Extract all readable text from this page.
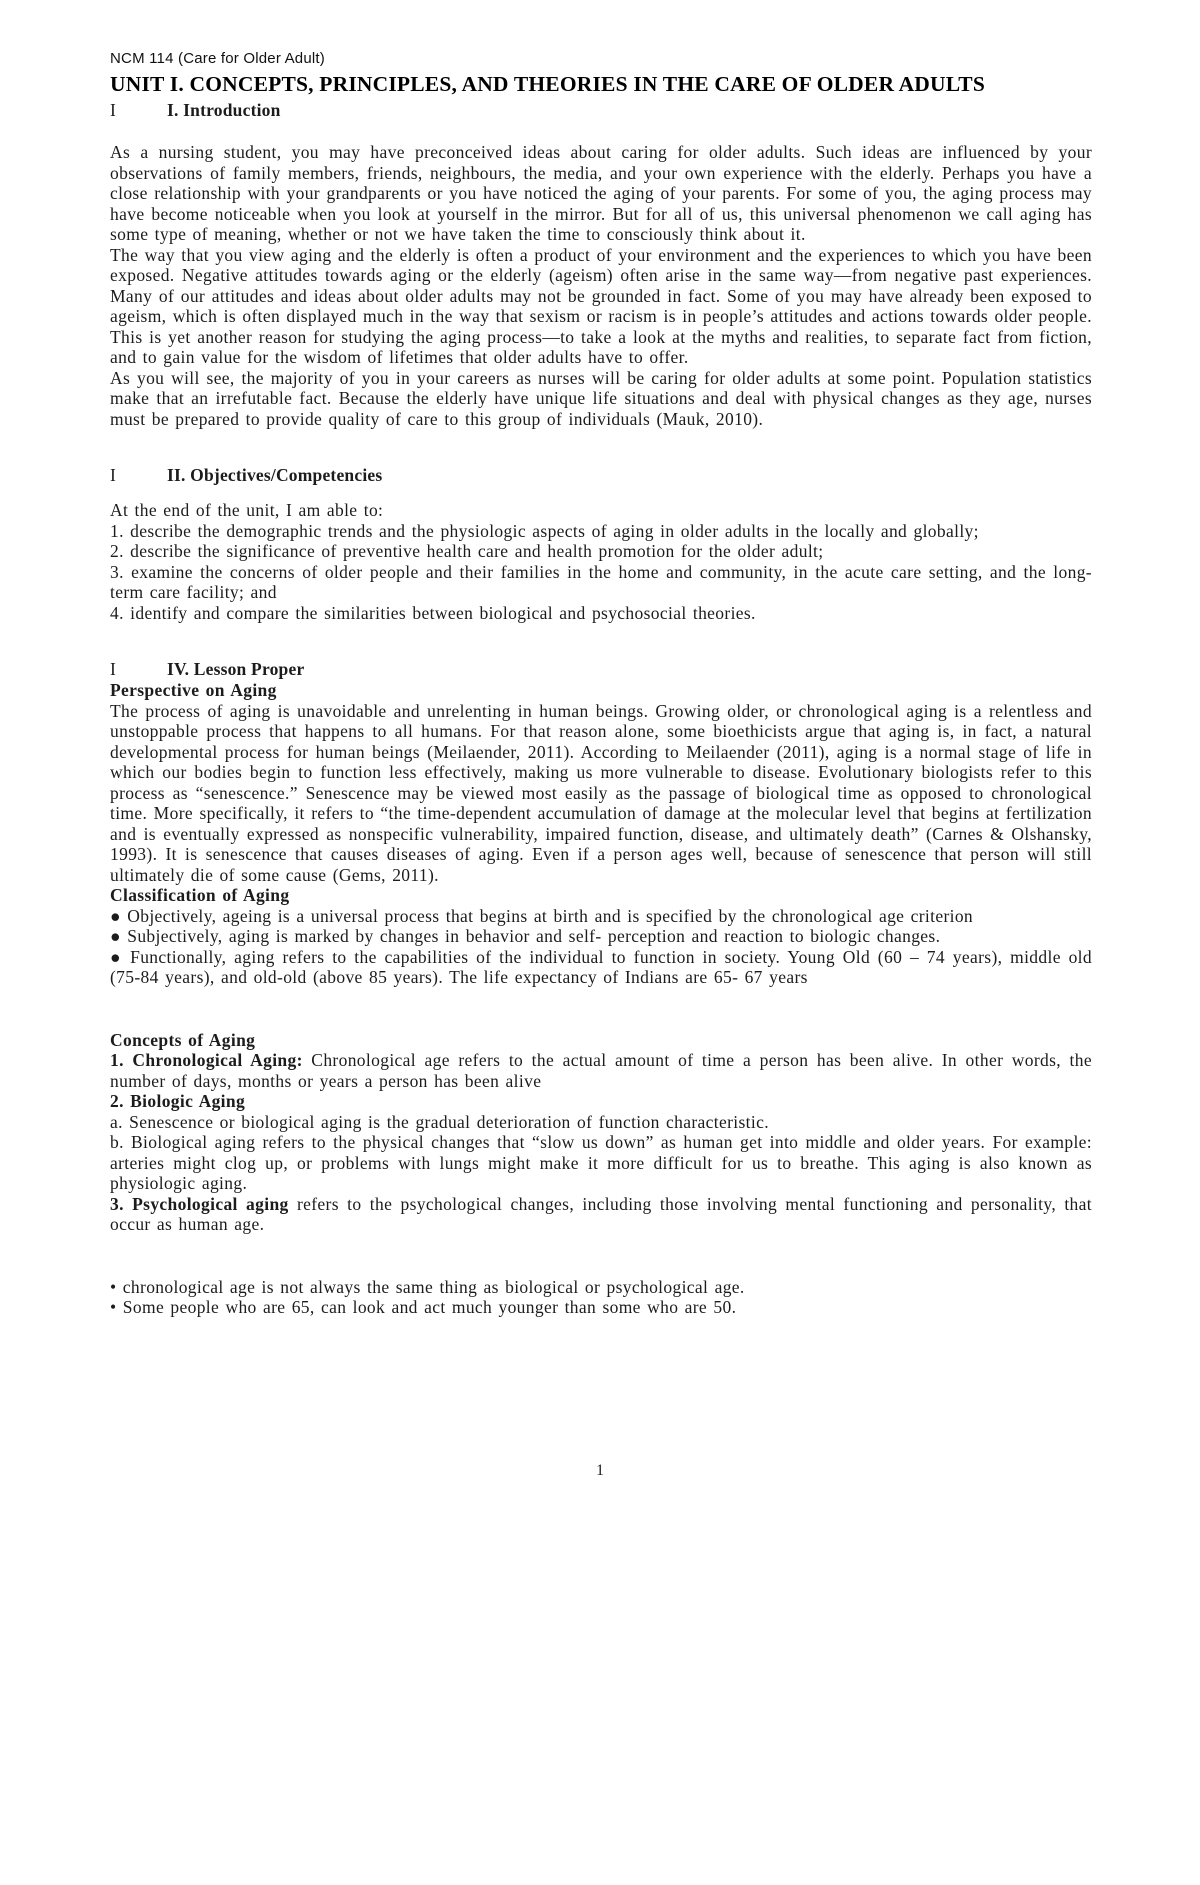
NCM 114 (Care for Older Adult)
UNIT I. CONCEPTS, PRINCIPLES, AND THEORIES IN THE CARE OF OLDER ADULTS
I	I. Introduction

As a nursing student, you may have preconceived ideas about caring for older adults. Such ideas are influenced by your observations of family members, friends, neighbours, the media, and your own experience with the elderly. Perhaps you have a close relationship with your grandparents or you have noticed the aging of your parents. For some of you, the aging process may have become noticeable when you look at yourself in the mirror. But for all of us, this universal phenomenon we call aging has some type of meaning, whether or not we have taken the time to consciously think about it.

The way that you view aging and the elderly is often a product of your environment and the experiences to which you have been exposed. Negative attitudes towards aging or the elderly (ageism) often arise in the same way—from negative past experiences. Many of our attitudes and ideas about older adults may not be grounded in fact. Some of you may have already been exposed to ageism, which is often displayed much in the way that sexism or racism is in people’s attitudes and actions towards older people. This is yet another reason for studying the aging process—to take a look at the myths and realities, to separate fact from fiction, and to gain value for the wisdom of lifetimes that older adults have to offer.

As you will see, the majority of you in your careers as nurses will be caring for older adults at some point. Population statistics make that an irrefutable fact. Because the elderly have unique life situations and deal with physical changes as they age, nurses must be prepared to provide quality of care to this group of individuals (Mauk, 2010).

I	II. Objectives/Competencies

At the end of the unit, I am able to:

1. describe the demographic trends and the physiologic aspects of aging in older adults in the locally and globally;

2. describe the significance of preventive health care and health promotion for the older adult;

3. examine the concerns of older people and their families in the home and community, in the acute care setting, and the long-term care facility; and

4. identify and compare the similarities between biological and psychosocial theories.

I	IV. Lesson Proper

Perspective on Aging

The process of aging is unavoidable and unrelenting in human beings. Growing older, or chronological aging is a relentless and unstoppable process that happens to all humans. For that reason alone, some bioethicists argue that aging is, in fact, a natural developmental process for human beings (Meilaender, 2011). According to Meilaender (2011), aging is a normal stage of life in which our bodies begin to function less effectively, making us more vulnerable to disease. Evolutionary biologists refer to this process as “senescence.” Senescence may be viewed most easily as the passage of biological time as opposed to chronological time. More specifically, it refers to “the time-dependent accumulation of damage at the molecular level that begins at fertilization and is eventually expressed as nonspecific vulnerability, impaired function, disease, and ultimately death” (Carnes & Olshansky, 1993). It is senescence that causes diseases of aging. Even if a person ages well, because of senescence that person will still ultimately die of some cause (Gems, 2011).

Classification of Aging

● Objectively, ageing is a universal process that begins at birth and is specified by the chronological age criterion

● Subjectively, aging is marked by changes in behavior and self- perception and reaction to biologic changes.

● Functionally, aging refers to the capabilities of the individual to function in society. Young Old (60 – 74 years), middle old (75-84 years), and old-old (above 85 years). The life expectancy of Indians are 65- 67 years

Concepts of Aging

1. Chronological Aging: Chronological age refers to the actual amount of time a person has been alive. In other words, the number of days, months or years a person has been alive

2. Biologic Aging

a. Senescence or biological aging is the gradual deterioration of function characteristic.

b. Biological aging refers to the physical changes that “slow us down” as human get into middle and older years. For example: arteries might clog up, or problems with lungs might make it more difficult for us to breathe. This aging is also known as physiologic aging.

3. Psychological aging refers to the psychological changes, including those involving mental functioning and personality, that occur as human age.

• chronological age is not always the same thing as biological or psychological age.

• Some people who are 65, can look and act much younger than some who are 50.

1
